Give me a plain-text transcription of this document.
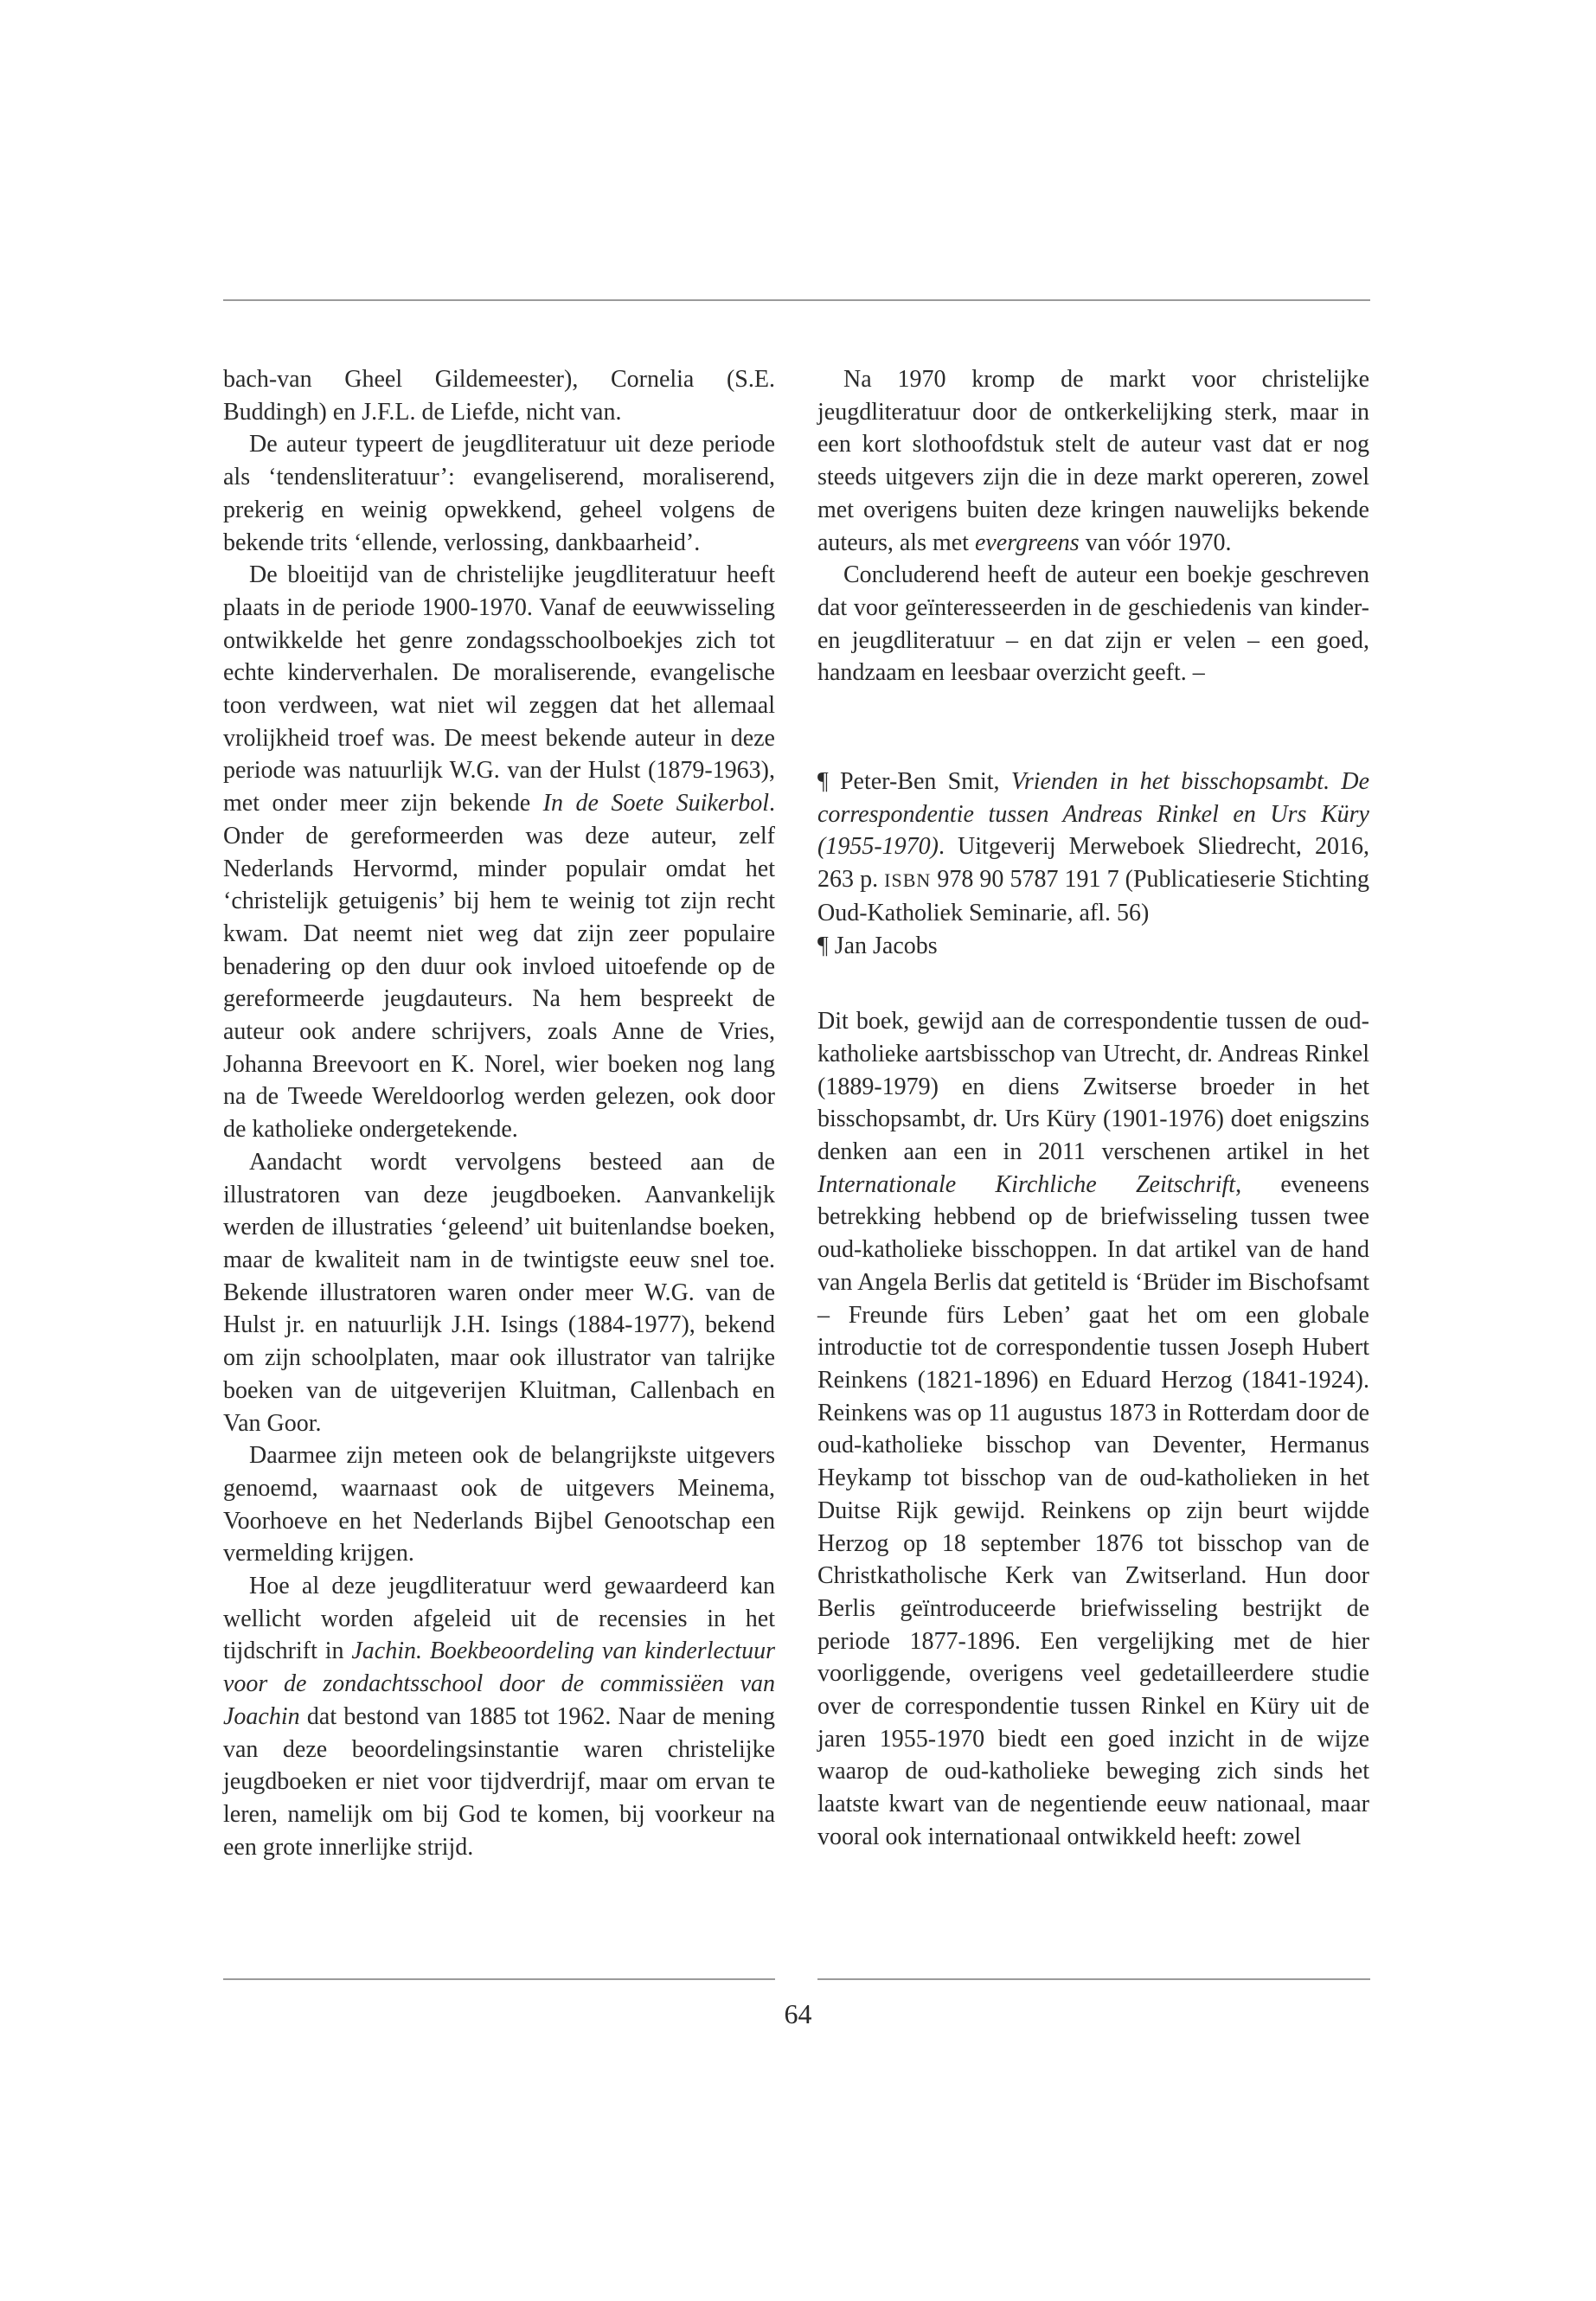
bach-van Gheel Gildemeester), Cornelia (S.E. Buddingh) en J.F.L. de Liefde, nicht van.

De auteur typeert de jeugdliteratuur uit deze periode als ‘tendensliteratuur’: evangeliserend, moraliserend, prekerig en weinig opwekkend, geheel volgens de bekende trits ‘ellende, verlossing, dankbaarheid’.

De bloeitijd van de christelijke jeugdliteratuur heeft plaats in de periode 1900-1970. Vanaf de eeuwwisseling ontwikkelde het genre zondagsschoolboekjes zich tot echte kinderverhalen. De moraliserende, evangelische toon verdween, wat niet wil zeggen dat het allemaal vrolijkheid troef was. De meest bekende auteur in deze periode was natuurlijk W.G. van der Hulst (1879-1963), met onder meer zijn bekende In de Soete Suikerbol. Onder de gereformeerden was deze auteur, zelf Nederlands Hervormd, minder populair omdat het ‘christelijk getuigenis’ bij hem te weinig tot zijn recht kwam. Dat neemt niet weg dat zijn zeer populaire benadering op den duur ook invloed uitoefende op de gereformeerde jeugdauteurs. Na hem bespreekt de auteur ook andere schrijvers, zoals Anne de Vries, Johanna Breevoort en K. Norel, wier boeken nog lang na de Tweede Wereldoorlog werden gelezen, ook door de katholieke ondergetekende.

Aandacht wordt vervolgens besteed aan de illustratoren van deze jeugdboeken. Aanvankelijk werden de illustraties ‘geleend’ uit buitenlandse boeken, maar de kwaliteit nam in de twintigste eeuw snel toe. Bekende illustratoren waren onder meer W.G. van de Hulst jr. en natuurlijk J.H. Isings (1884-1977), bekend om zijn schoolplaten, maar ook illustrator van talrijke boeken van de uitgeverijen Kluitman, Callenbach en Van Goor.

Daarmee zijn meteen ook de belangrijkste uitgevers genoemd, waarnaast ook de uitgevers Meinema, Voorhoeve en het Nederlands Bijbel Genootschap een vermelding krijgen.

Hoe al deze jeugdliteratuur werd gewaardeerd kan wellicht worden afgeleid uit de recensies in het tijdschrift in Jachin. Boekbeoordeling van kinderlectuur voor de zondachtsschool door de commissiëen van Joachin dat bestond van 1885 tot 1962. Naar de mening van deze beoordelingsinstantie waren christelijke jeugdboeken er niet voor tijdverdrijf, maar om ervan te leren, namelijk om bij God te komen, bij voorkeur na een grote innerlijke strijd.

Na 1970 kromp de markt voor christelijke jeugdliteratuur door de ontkerkelijking sterk, maar in een kort slothoofdstuk stelt de auteur vast dat er nog steeds uitgevers zijn die in deze markt opereren, zowel met overigens buiten deze kringen nauwelijks bekende auteurs, als met evergreens van vóór 1970.

Concluderend heeft de auteur een boekje geschreven dat voor geïnteresseerden in de geschiedenis van kinder- en jeugdliteratuur – en dat zijn er velen – een goed, handzaam en leesbaar overzicht geeft. –

¶ Peter-Ben Smit, Vrienden in het bisschopsambt. De correspondentie tussen Andreas Rinkel en Urs Küry (1955-1970). Uitgeverij Merweboek Sliedrecht, 2016, 263 p. ISBN 978 90 5787 191 7 (Publicatieserie Stichting Oud-Katholiek Seminarie, afl. 56)

¶ Jan Jacobs

Dit boek, gewijd aan de correspondentie tussen de oud-katholieke aartsbisschop van Utrecht, dr. Andreas Rinkel (1889-1979) en diens Zwitserse broeder in het bisschopsambt, dr. Urs Küry (1901-1976) doet enigszins denken aan een in 2011 verschenen artikel in het Internationale Kirchliche Zeitschrift, eveneens betrekking hebbend op de briefwisseling tussen twee oud-katholieke bisschoppen. In dat artikel van de hand van Angela Berlis dat getiteld is ‘Brüder im Bischofsamt – Freunde fürs Leben’ gaat het om een globale introductie tot de correspondentie tussen Joseph Hubert Reinkens (1821-1896) en Eduard Herzog (1841-1924). Reinkens was op 11 augustus 1873 in Rotterdam door de oud-katholieke bisschop van Deventer, Hermanus Heykamp tot bisschop van de oud-katholieken in het Duitse Rijk gewijd. Reinkens op zijn beurt wijdde Herzog op 18 september 1876 tot bisschop van de Christkatholische Kerk van Zwitserland. Hun door Berlis geïntroduceerde briefwisseling bestrijkt de periode 1877-1896. Een vergelijking met de hier voorliggende, overigens veel gedetailleerdere studie over de correspondentie tussen Rinkel en Küry uit de jaren 1955-1970 biedt een goed inzicht in de wijze waarop de oud-katholieke beweging zich sinds het laatste kwart van de negentiende eeuw nationaal, maar vooral ook internationaal ontwikkeld heeft: zowel

64
